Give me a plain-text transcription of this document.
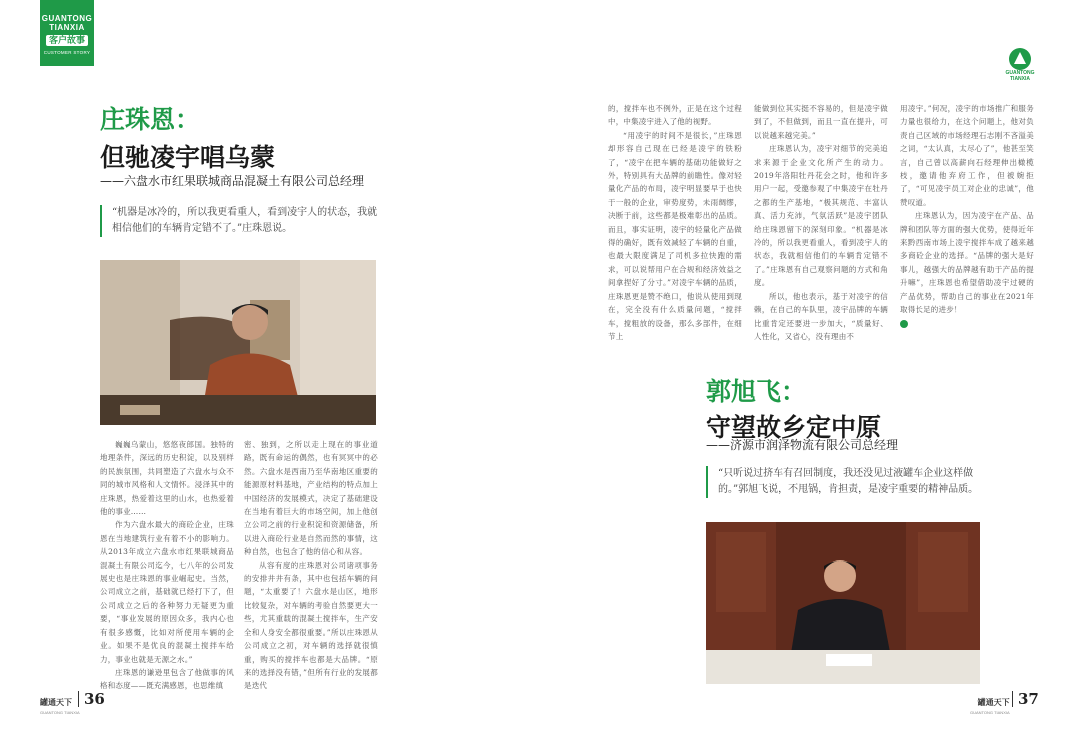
GUANTONG
TIANXIA
客户故事
CUSTOMER STORY
GUANTONG
TIANXIA
庄珠恩：
但驰凌宇唱乌蒙
——六盘水市红果联城商品混凝土有限公司总经理
“机器是冰冷的，所以我更看重人，看到凌宇人的状态，我就相信他们的车辆肯定错不了。”庄珠恩说。

巍巍乌蒙山，悠悠夜郎国。独特的地理条件，深远的历史积淀，以及别样的民族氛围，共同塑造了六盘水与众不同的城市风格和人文情怀。浸泽其中的庄珠恩，热爱着这里的山水，也热爱着他的事业……

作为六盘水最大的商砼企业，庄珠恩在当地建筑行业有着不小的影响力。从2013年成立六盘水市红果联城商品混凝土有限公司迄今，七八年的公司发展史也是庄珠恩的事业崛起史。当然，公司成立之前，基础就已经打下了，但公司成立之后的各种努力无疑更为重要，“事业发展的原因众多，我内心也有很多感慨，比如对所使用车辆的企业。如果不是优良的混凝土搅拌车给力，事业也就是无源之水。”

庄珠恩的谦逊里包含了他做事的风格和态度——既充满感恩，也思维缜

密、独到，之所以走上现在的事业道路，既有命运的偶然，也有冥冥中的必然。六盘水是西南乃至华南地区重要的能源原材料基地，产业结构的特点加上中国经济的发展模式，决定了基础建设在当地有着巨大的市场空间，加上他创立公司之前的行业积淀和资源储备，所以进入商砼行业是自然而然的事情，这种自然，也包含了他的信心和从容。

从容有度的庄珠恩对公司诸项事务的安排井井有条，其中也包括车辆的问题，“太重要了！六盘水是山区，地形比较复杂，对车辆的考验自然要更大一些，尤其重载的混凝土搅拌车，生产安全和人身安全都很重要。”所以庄珠恩从公司成立之初，对车辆的选择就很慎重，购买的搅拌车也都是大品牌。“原来的选择没有错，”但所有行业的发展都是迭代

的，搅拌车也不例外，正是在这个过程中，中集凌宇进入了他的视野。

“用凌宇的时间不是很长，”庄珠恩却形容自己现在已经是凌宇的铁粉了，“凌宇在把车辆的基础功能做好之外，特别具有大品牌的前瞻性。像对轻量化产品的布局，凌宇明显要早于也快于一般的企业，审势度势，未雨绸缪，决断于前，这些都是极难彰出的品质。而且，事实证明，凌宇的轻量化产品做得的确好，既有效减轻了车辆的自重，也最大限度满足了司机多拉快跑的需求，可以说帮用户在合规和经济效益之间拿捏好了分寸。”对凌宇车辆的品质，庄珠恩更是赞不绝口，他说从使用到现在，完全没有什么质量问题，“搅拌车，搅粗放的设备，那么多部件，在细节上

能做到位其实挺不容易的，但是凌宇做到了，不但做到，而且一直在提升，可以说越来越完美。”

庄珠恩认为，凌宇对细节的完美追求来源于企业文化所产生的动力。2019年洛阳牡丹花会之时，他和许多用户一起，受邀参观了中集凌宇在牡丹之都的生产基地，“极其规范、丰富认真、活力充沛，气氛活跃”是凌宇团队给庄珠恩留下的深刻印象。“机器是冰冷的，所以我更看重人，看到凌宇人的状态，我就相信他们的车辆肯定错不了。”庄珠恩有自己观察问题的方式和角度。

所以，他也表示，基于对凌宇的信赖，在自己的车队里，凌宇品牌的车辆比重肯定还要进一步加大，“质量好、人性化，又省心，没有理由不

用凌宇。”何况，凌宇的市场推广和服务力量也很给力，在这个问题上，他对负责自己区域的市场经理石志刚不吝溢美之词，“太认真，太尽心了”，他甚至笑言，自己曾以高薪向石经理伸出橄榄枝，邀请他弃府工作，但被婉拒了，“可见凌宇员工对企业的忠诚”，他赞叹道。

庄珠恩认为，因为凌宇在产品、品牌和团队等方面的强大优势，使得近年来黔西南市场上凌宇搅拌车成了越来越多商砼企业的选择。“品牌的强大是好事儿，越强大的品牌越有助于产品的提升嘛”，庄珠恩也希望借助凌宇过硬的产品优势，帮助自己的事业在2021年取得长足的进步！

郭旭飞：
守望故乡定中原
——济源市润泽物流有限公司总经理
“只听说过挤车有召回制度，我还没见过液罐车企业这样做的。”郭旭飞说，不甩锅，肯担责，是凌宇重要的精神品质。
罐通天下
GUANTONG TIANXIA
36	罐通天下
GUANTONG TIANXIA
37
